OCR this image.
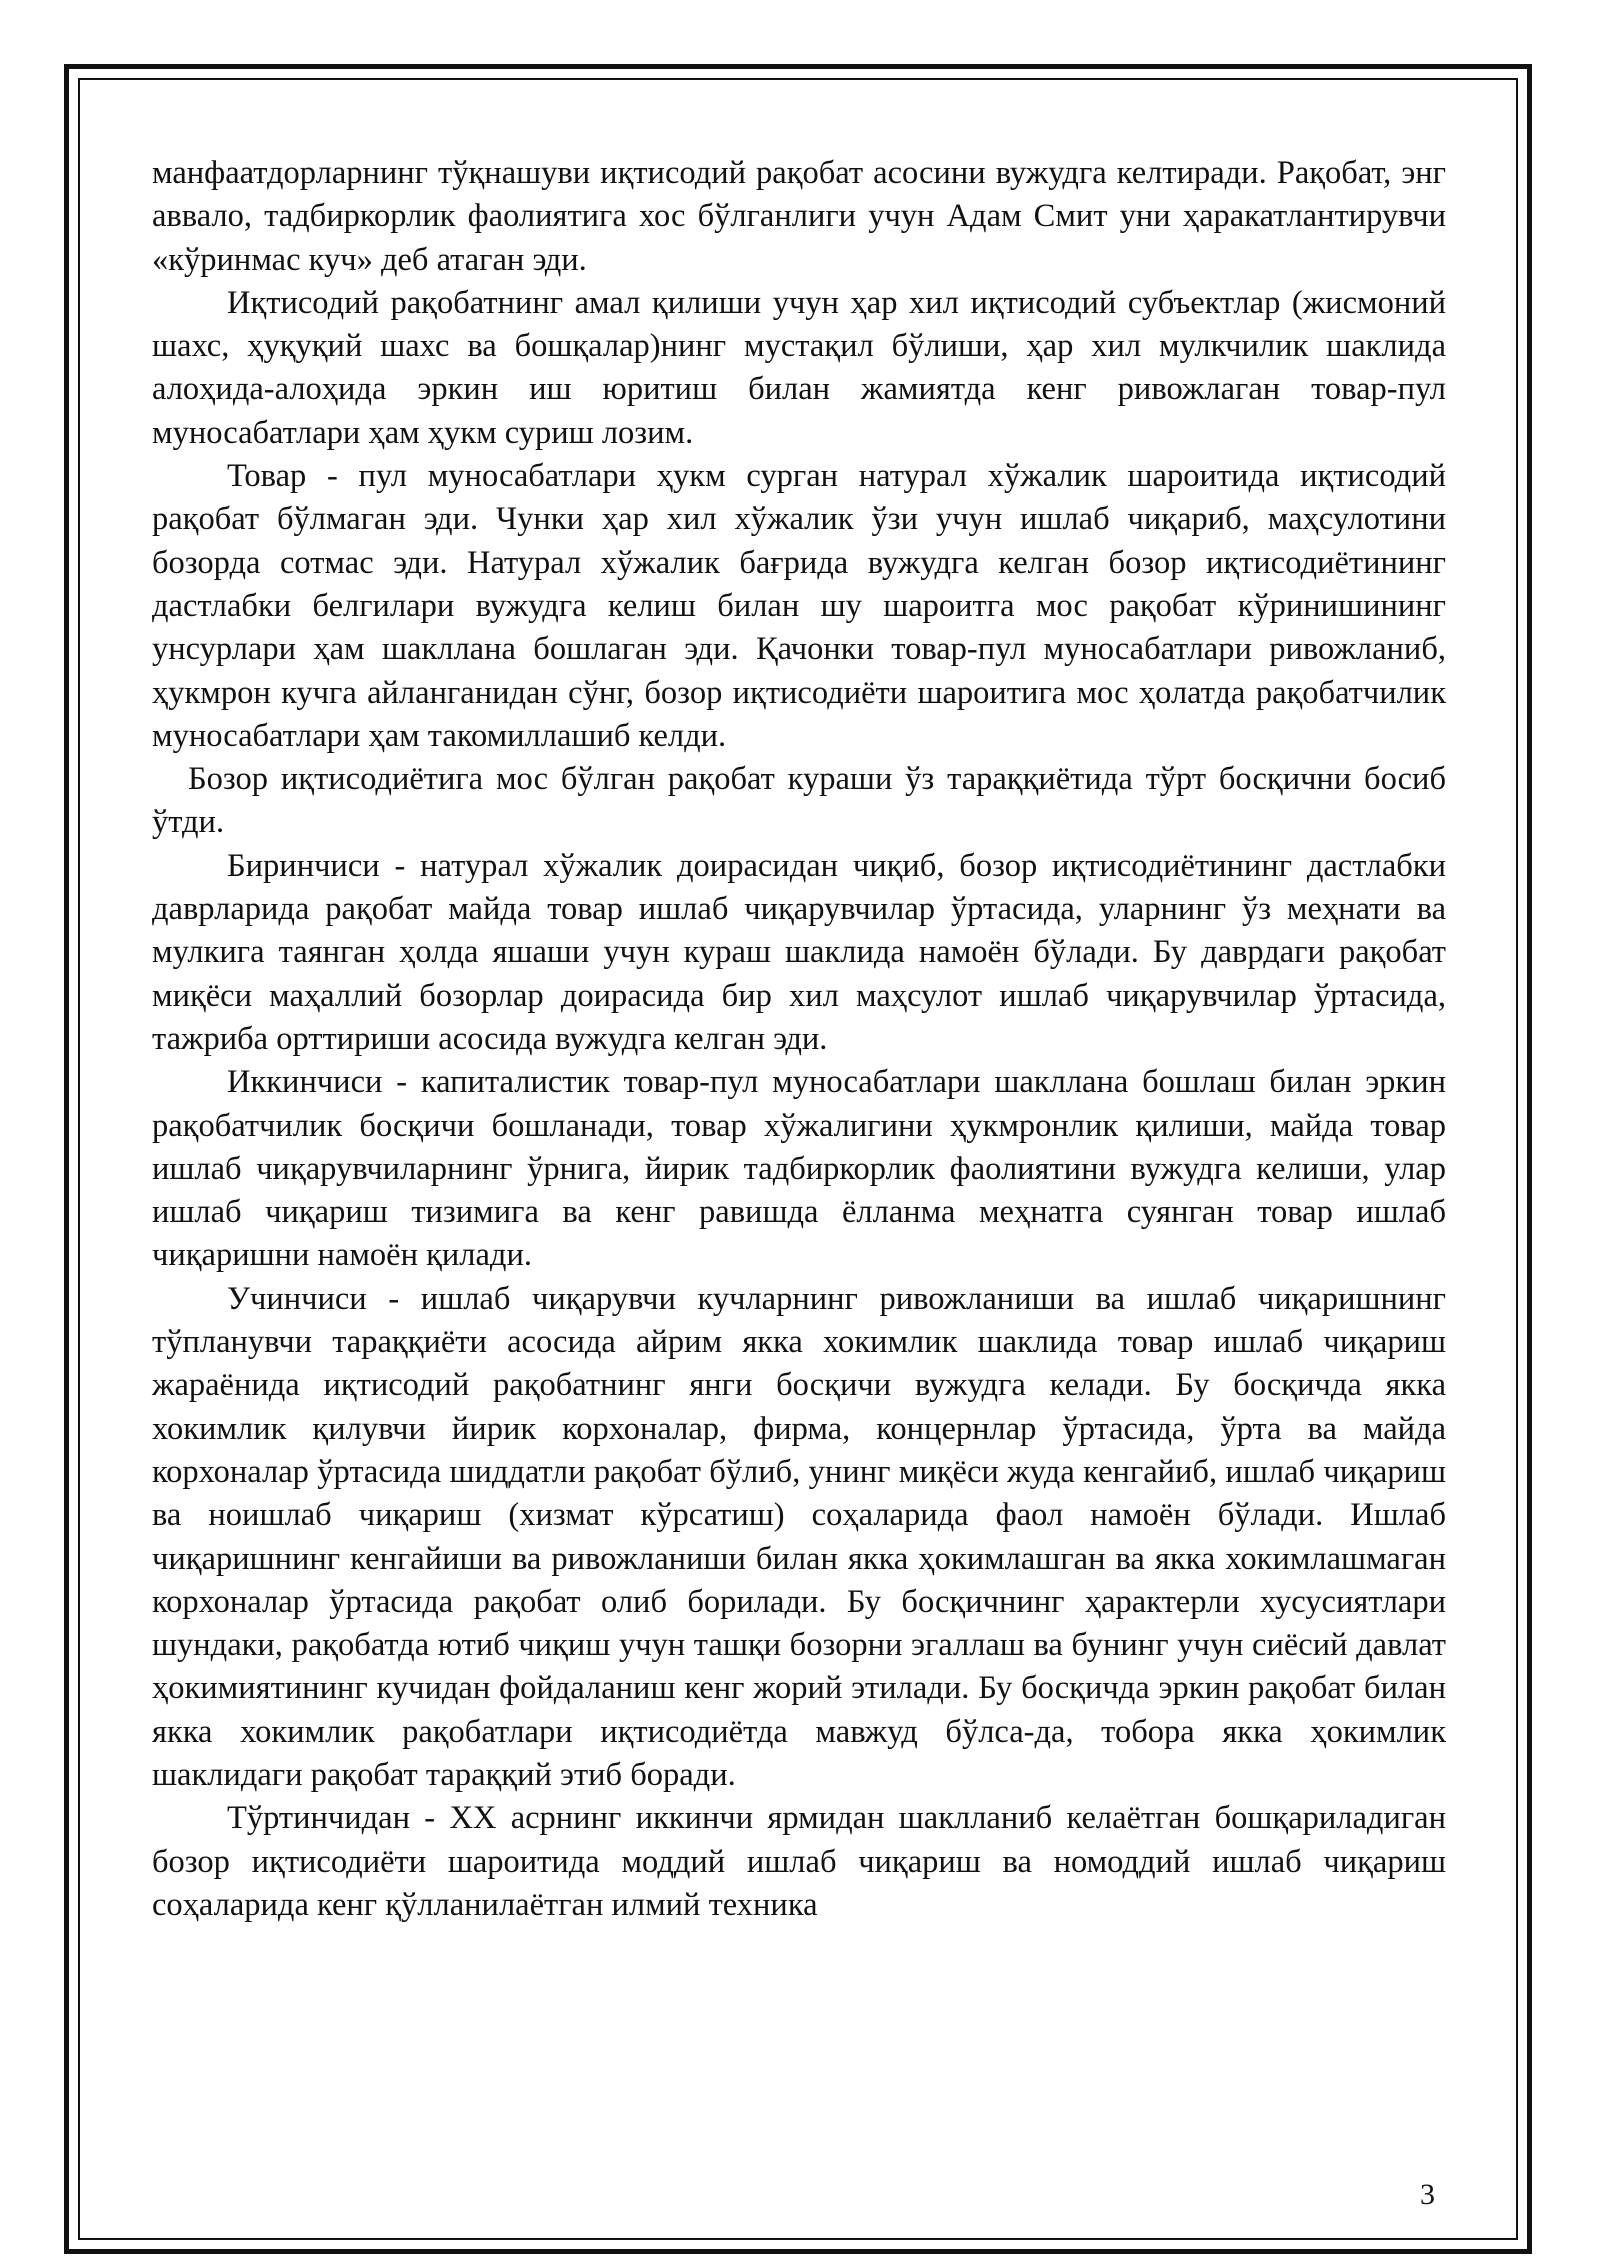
манфаатдорларнинг тўқнашуви иқтисодий рақобат асосини вужудга келтиради. Рақобат, энг аввало, тадбиркорлик фаолиятига хос бўлганлиги учун Адам Смит уни ҳаракатлантирувчи «кўринмас куч» деб атаган эди.

Иқтисодий рақобатнинг амал қилиши учун ҳар хил иқтисодий субъектлар (жисмоний шахс, ҳуқуқий шахс ва бошқалар)нинг мустақил бўлиши, ҳар хил мулкчилик шаклида алоҳида-алоҳида эркин иш юритиш билан жамиятда кенг ривожлаган товар-пул муносабатлари ҳам ҳукм суриш лозим.

Товар - пул муносабатлари ҳукм сурган натурал хўжалик шароитида иқтисодий рақобат бўлмаган эди. Чунки ҳар хил хўжалик ўзи учун ишлаб чиқариб, маҳсулотини бозорда сотмас эди. Натурал хўжалик бағрида вужудга келган бозор иқтисодиётининг дастлабки белгилари вужудга келиш билан шу шароитга мос рақобат кўринишининг унсурлари ҳам шакллана бошлаган эди. Қачонки товар-пул муносабатлари ривожланиб, ҳукмрон кучга айланганидан сўнг, бозор иқтисодиёти шароитига мос ҳолатда рақобатчилик муносабатлари ҳам такомиллашиб келди.

Бозор иқтисодиётига мос бўлган рақобат кураши ўз тараққиётида тўрт босқични босиб ўтди.

Биринчиси - натурал хўжалик доирасидан чиқиб, бозор иқтисодиётининг дастлабки даврларида рақобат майда товар ишлаб чиқарувчилар ўртасида, уларнинг ўз меҳнати ва мулкига таянган ҳолда яшаши учун кураш шаклида намоён бўлади. Бу даврдаги рақобат миқёси маҳаллий бозорлар доирасида бир хил маҳсулот ишлаб чиқарувчилар ўртасида, тажриба орттириши асосида вужудга келган эди.

Иккинчиси - капиталистик товар-пул муносабатлари шакллана бошлаш билан эркин рақобатчилик босқичи бошланади, товар хўжалигини ҳукмронлик қилиши, майда товар ишлаб чиқарувчиларнинг ўрнига, йирик тадбиркорлик фаолиятини вужудга келиши, улар ишлаб чиқариш тизимига ва кенг равишда ёлланма меҳнатга суянган товар ишлаб чиқаришни намоён қилади.

Учинчиси - ишлаб чиқарувчи кучларнинг ривожланиши ва ишлаб чиқаришнинг тўпланувчи тараққиёти асосида айрим якка хокимлик шаклида товар ишлаб чиқариш жараёнида иқтисодий рақобатнинг янги босқичи вужудга келади. Бу босқичда якка хокимлик қилувчи йирик корхоналар, фирма, концернлар ўртасида, ўрта ва майда корхоналар ўртасида шиддатли рақобат бўлиб, унинг миқёси жуда кенгайиб, ишлаб чиқариш ва ноишлаб чиқариш (хизмат кўрсатиш) соҳаларида фаол намоён бўлади. Ишлаб чиқаришнинг кенгайиши ва ривожланиши билан якка ҳокимлашган ва якка хокимлашмаган корхоналар ўртасида рақобат олиб борилади. Бу босқичнинг ҳарактерли хусусиятлари шундаки, рақобатда ютиб чиқиш учун ташқи бозорни эгаллаш ва бунинг учун сиёсий давлат ҳокимиятининг кучидан фойдаланиш кенг жорий этилади. Бу босқичда эркин рақобат билан якка хокимлик рақобатлари иқтисодиётда мавжуд бўлса-да, тобора якка ҳокимлик шаклидаги рақобат тараққий этиб боради.

Тўртинчидан - XX асрнинг иккинчи ярмидан шаклланиб келаётган бошқариладиган бозор иқтисодиёти шароитида моддий ишлаб чиқариш ва номоддий ишлаб чиқариш соҳаларида кенг қўлланилаётган илмий техника

3
